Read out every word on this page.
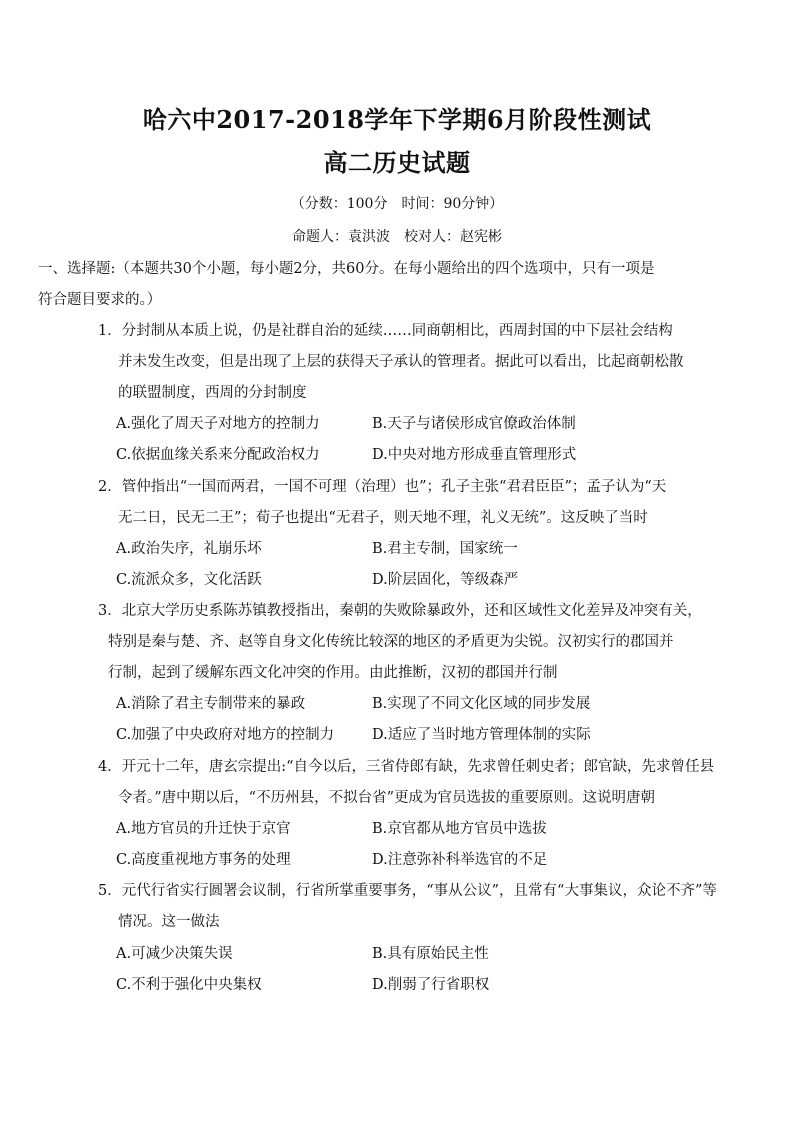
哈六中2017-2018学年下学期6月阶段性测试
高二历史试题
（分数：100分　时间：90分钟）
命题人：袁洪波　校对人：赵宪彬
一、选择题:（本题共30个小题，每小题2分，共60分。在每小题给出的四个选项中，只有一项是
符合题目要求的。）
1．分封制从本质上说，仍是社群自治的延续……同商朝相比，西周封国的中下层社会结构
并未发生改变，但是出现了上层的获得天子承认的管理者。据此可以看出，比起商朝松散
的联盟制度，西周的分封制度
A.强化了周天子对地方的控制力	B.天子与诸侯形成官僚政治体制
C.依据血缘关系来分配政治权力	D.中央对地方形成垂直管理形式
2．管仲指出“一国而两君，一国不可理（治理）也”；孔子主张“君君臣臣”；孟子认为“天
无二日，民无二王”；荀子也提出“无君子，则天地不理，礼义无统”。这反映了当时
A.政治失序，礼崩乐坏	B.君主专制，国家统一
C.流派众多，文化活跃	D.阶层固化，等级森严
3．北京大学历史系陈苏镇教授指出，秦朝的失败除暴政外，还和区域性文化差异及冲突有关，
特别是秦与楚、齐、赵等自身文化传统比较深的地区的矛盾更为尖锐。汉初实行的郡国并
行制，起到了缓解东西文化冲突的作用。由此推断，汉初的郡国并行制
A.消除了君主专制带来的暴政	B.实现了不同文化区域的同步发展
C.加强了中央政府对地方的控制力	D.适应了当时地方管理体制的实际
4．开元十二年，唐玄宗提出:“自今以后，三省侍郎有缺，先求曾任刺史者；郎官缺，先求曾任县
令者。”唐中期以后，“不历州县，不拟台省”更成为官员选拔的重要原则。这说明唐朝
A.地方官员的升迁快于京官	B.京官都从地方官员中选拔
C.高度重视地方事务的处理	D.注意弥补科举选官的不足
5．元代行省实行圆署会议制，行省所掌重要事务，“事从公议”，且常有“大事集议，众论不齐”等
情况。这一做法
A.可减少决策失误	B.具有原始民主性
C.不利于强化中央集权	D.削弱了行省职权
